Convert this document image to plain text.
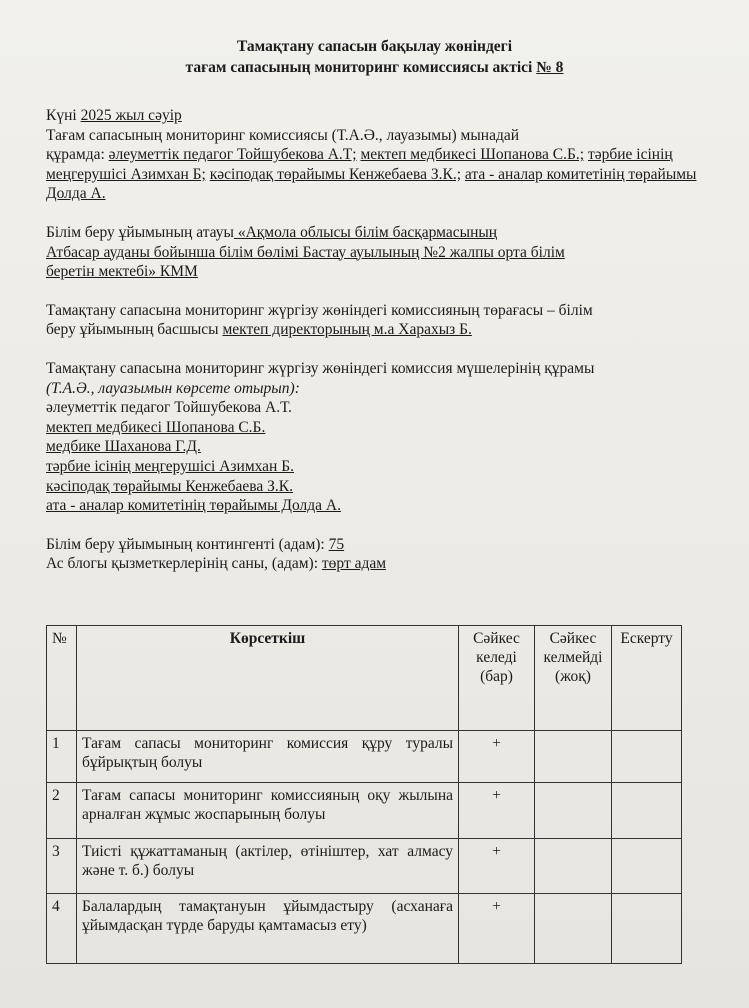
Тамақтану сапасын бақылау жөніндегі
тағам сапасының мониторинг комиссиясы актісі № 8

Күні 2025 жыл сәуір

Тағам сапасының мониторинг комиссиясы (Т.А.Ә., лауазымы) мынадай

құрамда: әлеуметтік педагог Тойшубекова А.Т; мектеп медбикесі Шопанова С.Б.; тәрбие ісінің меңгерушісі Азимхан Б; кәсіподақ төрайымы Кенжебаева З.К.; ата - аналар комитетінің төрайымы Долда А.

Білім беру ұйымының атауы «Ақмола облысы білім басқармасының

Атбасар ауданы бойынша білім бөлімі Бастау ауылының №2 жалпы орта білім

беретін мектебі» КММ

Тамақтану сапасына мониторинг жүргізу жөніндегі комиссияның төрағасы – білім

беру ұйымының басшысы мектеп директорының м.а Харахыз Б.

Тамақтану сапасына мониторинг жүргізу жөніндегі комиссия мүшелерінің құрамы

(Т.А.Ә., лауазымын көрсете отырып):

әлеуметтік педагог Тойшубекова А.Т.

мектеп медбикесі Шопанова С.Б.

медбике Шаханова Г.Д.

тәрбие ісінің меңгерушісі Азимхан Б.

кәсіподақ төрайымы Кенжебаева З.К.

ата - аналар комитетінің төрайымы Долда А.

Білім беру ұйымының контингенті (адам): 75

Ас блогы қызметкерлерінің саны, (адам): төрт адам

№	Көрсеткіш	Сәйкес келеді (бар)	Сәйкес келмейді (жоқ)	Ескерту
1	Тағам сапасы мониторинг комиссия құру туралы бұйрықтың болуы	+		
2	Тағам сапасы мониторинг комиссияның оқу жылына арналған жұмыс жоспарының болуы	+		
3	Тиісті құжаттаманың (актілер, өтініштер, хат алмасу және т. б.) болуы	+		
4	Балалардың тамақтануын ұйымдастыру (асханаға ұйымдасқан түрде баруды қамтамасыз ету)	+		
